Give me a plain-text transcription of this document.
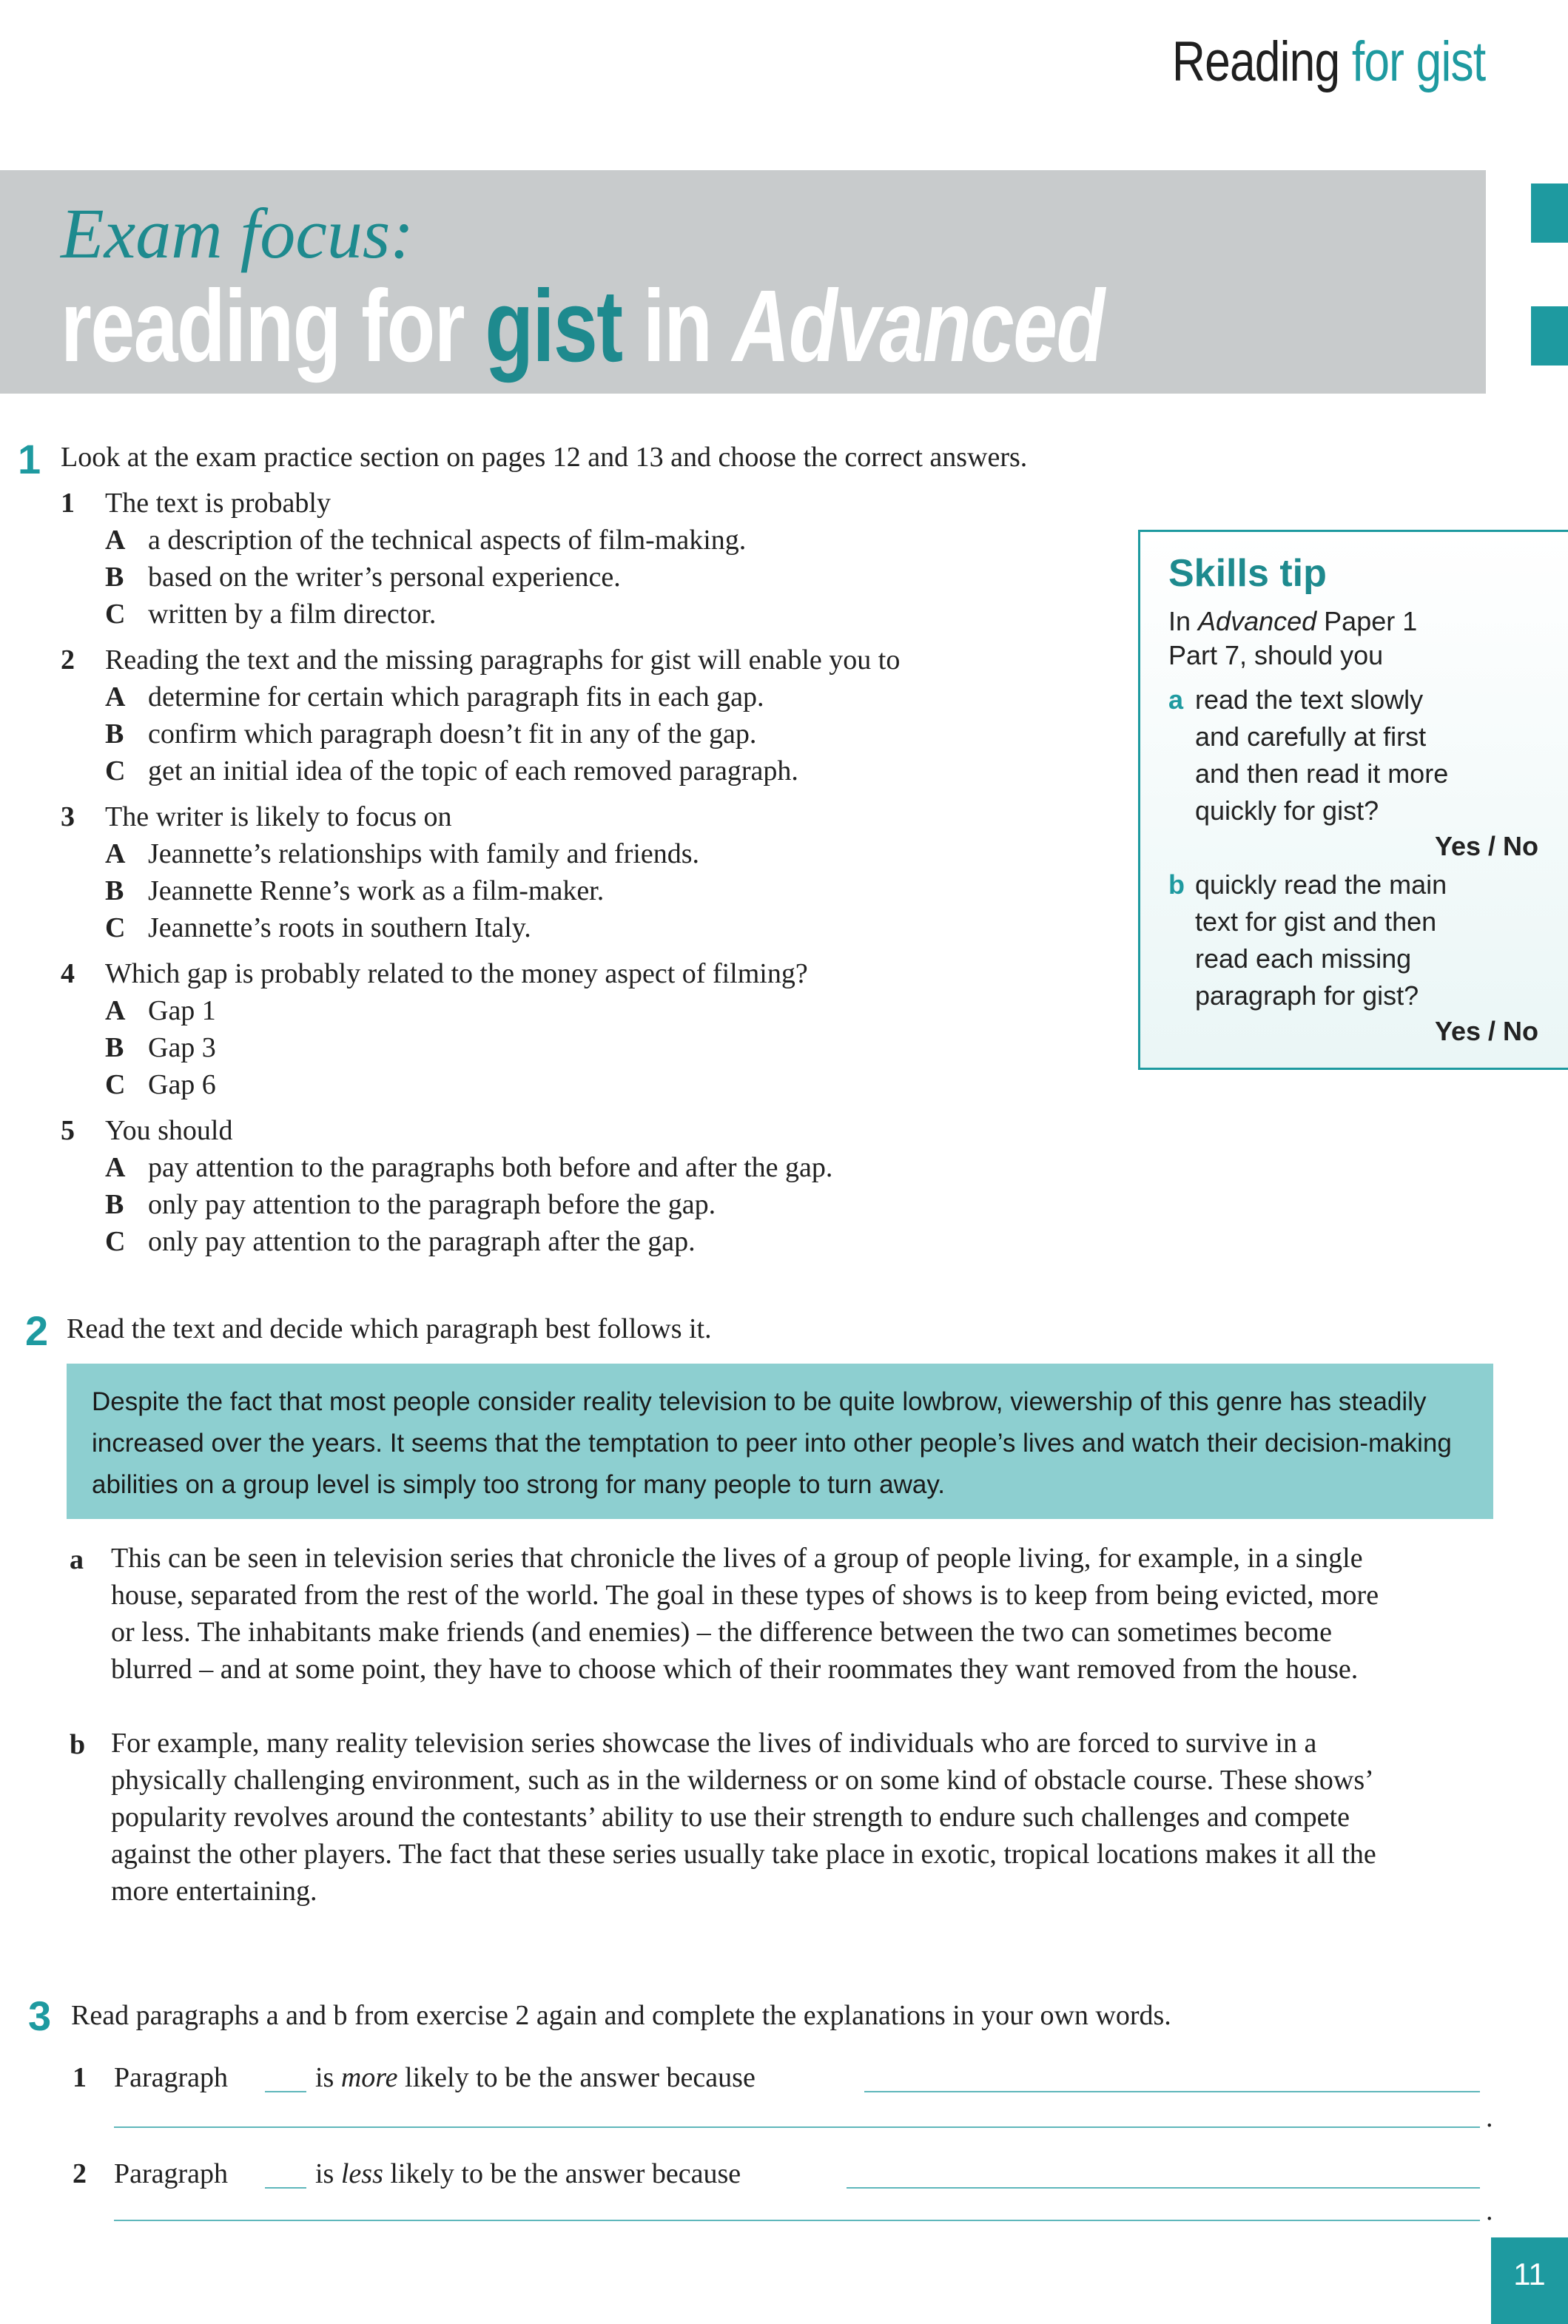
Reading for gist
Exam focus:
reading for gist in Advanced
1 Look at the exam practice section on pages 12 and 13 and choose the correct answers.
1 The text is probably
A a description of the technical aspects of film-making.
B based on the writer’s personal experience.
C written by a film director.
2 Reading the text and the missing paragraphs for gist will enable you to
A determine for certain which paragraph fits in each gap.
B confirm which paragraph doesn’t fit in any of the gap.
C get an initial idea of the topic of each removed paragraph.
3 The writer is likely to focus on
A Jeannette’s relationships with family and friends.
B Jeannette Renne’s work as a film-maker.
C Jeannette’s roots in southern Italy.
4 Which gap is probably related to the money aspect of filming?
A Gap 1
B Gap 3
C Gap 6
5 You should
A pay attention to the paragraphs both before and after the gap.
B only pay attention to the paragraph before the gap.
C only pay attention to the paragraph after the gap.
Skills tip
In Advanced Paper 1
Part 7, should you
a read the text slowly
and carefully at first
and then read it more
quickly for gist?
Yes / No
b quickly read the main
text for gist and then
read each missing
paragraph for gist?
Yes / No
2 Read the text and decide which paragraph best follows it.
Despite the fact that most people consider reality television to be quite lowbrow, viewership of this genre has steadily increased over the years. It seems that the temptation to peer into other people’s lives and watch their decision-making abilities on a group level is simply too strong for many people to turn away.
a This can be seen in television series that chronicle the lives of a group of people living, for example, in a single house, separated from the rest of the world. The goal in these types of shows is to keep from being evicted, more or less. The inhabitants make friends (and enemies) – the difference between the two can sometimes become blurred – and at some point, they have to choose which of their roommates they want removed from the house.
b For example, many reality television series showcase the lives of individuals who are forced to survive in a physically challenging environment, such as in the wilderness or on some kind of obstacle course. These shows’ popularity revolves around the contestants’ ability to use their strength to endure such challenges and compete against the other players. The fact that these series usually take place in exotic, tropical locations makes it all the more entertaining.
3 Read paragraphs a and b from exercise 2 again and complete the explanations in your own words.
1 Paragraph	is more likely to be the answer because
.
2 Paragraph	is less likely to be the answer because
.
11
